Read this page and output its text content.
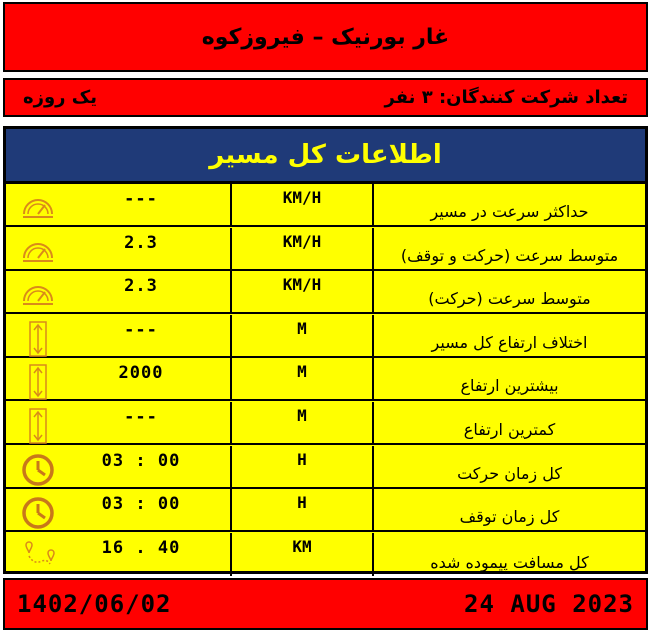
غار بورنیک – فیروزکوه
تعداد شرکت کنندگان: ۳ نفر
یک روزه
اطلاعات کل مسیر
حداکثر سرعت در مسیر
KM/H
---
متوسط سرعت (حرکت و توقف)
KM/H
2.3
متوسط سرعت (حرکت)
KM/H
2.3
اختلاف ارتفاع کل مسیر
M
---
بیشترین ارتفاع
M
2000
کمترین ارتفاع
M
---
کل زمان حرکت
H
03 : 00
کل زمان توقف
H
03 : 00
کل مسافت پیموده شده
KM
16 . 40
1402/06/02	24 AUG 2023
